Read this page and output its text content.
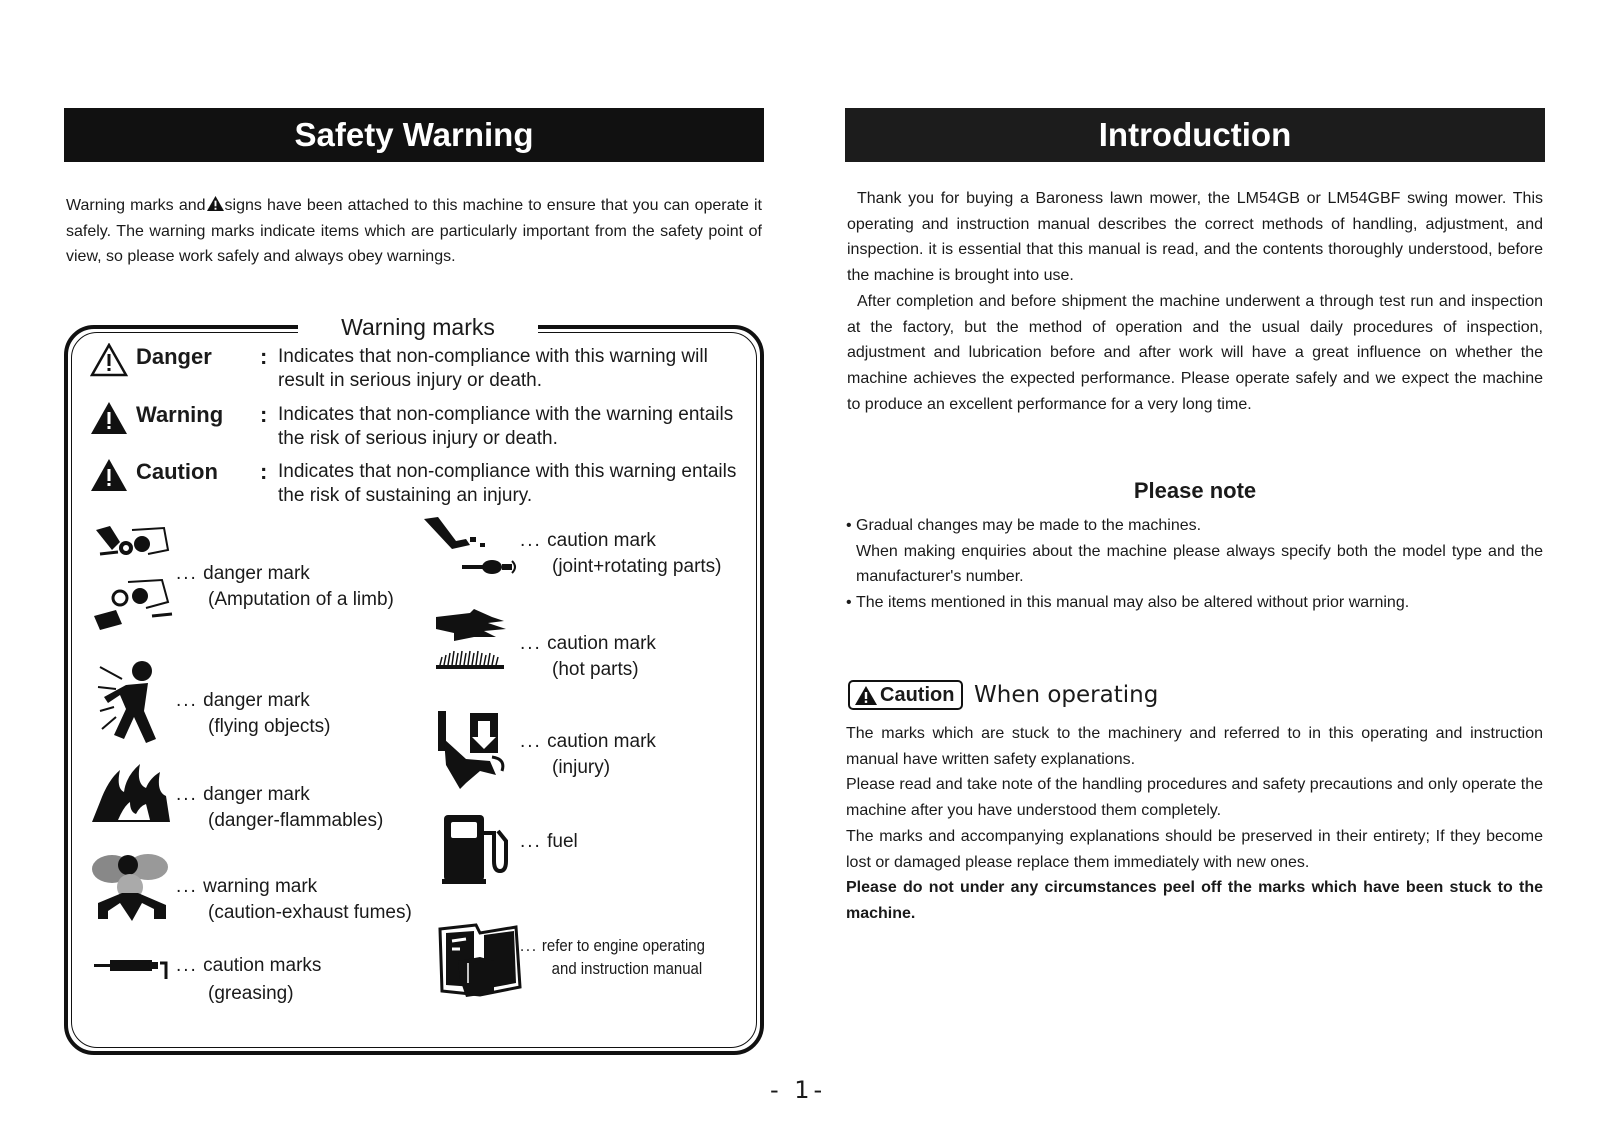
Safety Warning
Warning marks and signs have been attached to this machine to ensure that you can operate it safely. The warning marks indicate items which are particularly important from the safety point of view, so please work safely and always obey warnings.
Warning marks
Danger : Indicates that non-compliance with this warning will
result in serious injury or death.
Warning : Indicates that non-compliance with the warning entails
the risk of serious injury or death.
Caution : Indicates that non-compliance with this warning entails
the risk of sustaining an injury.
... danger mark
(Amputation of a limb)
... danger mark
(flying objects)
... danger mark
(danger-flammables)
... warning mark
(caution-exhaust fumes)
... caution marks
(greasing)
... caution mark
(joint+rotating parts)
... caution mark
(hot parts)
... caution mark
(injury)
... fuel
... refer to engine operating
and instruction manual
Introduction

Thank you for buying a Baroness lawn mower, the LM54GB or LM54GBF swing mower. This operating and instruction manual describes the correct methods of handling, adjustment, and inspection. it is essential that this manual is read, and the contents thoroughly understood, before the machine is brought into use.

After completion and before shipment the machine underwent a through test run and inspection at the factory, but the method of operation and the usual daily procedures of inspection, adjustment and lubrication before and after work will have a great influence on whether the machine achieves the expected performance. Please operate safely and we expect the machine to produce an excellent performance for a very long time.

Please note
• Gradual changes may be made to the machines.
When making enquiries about the machine please always specify both the model type and the manufacturer's number.
• The items mentioned in this manual may also be altered without prior warning.
Caution When operating

The marks which are stuck to the machinery and referred to in this operating and instruction manual have written safety explanations.

Please read and take note of the handling procedures and safety precautions and only operate the machine after you have understood them completely.

The marks and accompanying explanations should be preserved in their entirety; If they become lost or damaged please replace them immediately with new ones.

Please do not under any circumstances peel off the marks which have been stuck to the machine.

- 1-
